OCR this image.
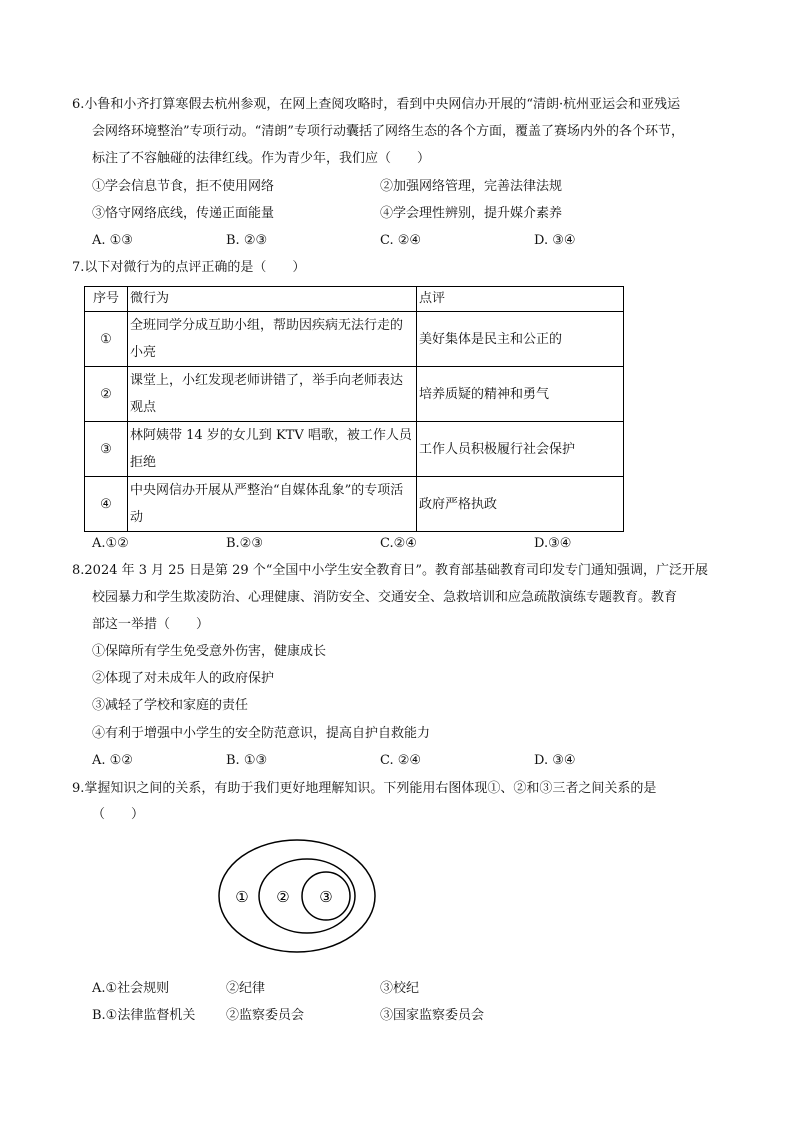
6.小鲁和小齐打算寒假去杭州参观，在网上查阅攻略时，看到中央网信办开展的“清朗·杭州亚运会和亚残运
会网络环境整治”专项行动。“清朗”专项行动囊括了网络生态的各个方面，覆盖了赛场内外的各个环节，
标注了不容触碰的法律红线。作为青少年，我们应（　　）
①学会信息节食，拒不使用网络	②加强网络管理，完善法律法规
③恪守网络底线，传递正面能量	④学会理性辨别，提升媒介素养
A. ①③	B. ②③	C. ②④	D. ③④
7.以下对微行为的点评正确的是（　　）
序号	微行为	点评
①	全班同学分成互助小组，帮助因疾病无法行走的小亮	美好集体是民主和公正的
②	课堂上，小红发现老师讲错了，举手向老师表达观点	培养质疑的精神和勇气
③	林阿姨带 14 岁的女儿到 KTV 唱歌，被工作人员拒绝	工作人员积极履行社会保护
④	中央网信办开展从严整治“自媒体乱象”的专项活动	政府严格执政
A.①②	B.②③	C.②④	D.③④
8.2024 年 3 月 25 日是第 29 个“全国中小学生安全教育日”。教育部基础教育司印发专门通知强调，广泛开展
校园暴力和学生欺凌防治、心理健康、消防安全、交通安全、急救培训和应急疏散演练专题教育。教育
部这一举措（　　）
①保障所有学生免受意外伤害，健康成长
②体现了对未成年人的政府保护
③减轻了学校和家庭的责任
④有利于增强中小学生的安全防范意识，提高自护自救能力
A. ①②	B. ①③	C. ②④	D. ③④
9.掌握知识之间的关系，有助于我们更好地理解知识。下列能用右图体现①、②和③三者之间关系的是
（　　）
① ② ③
A.①社会规则	②纪律	③校纪
B.①法律监督机关 ②监察委员会	③国家监察委员会
